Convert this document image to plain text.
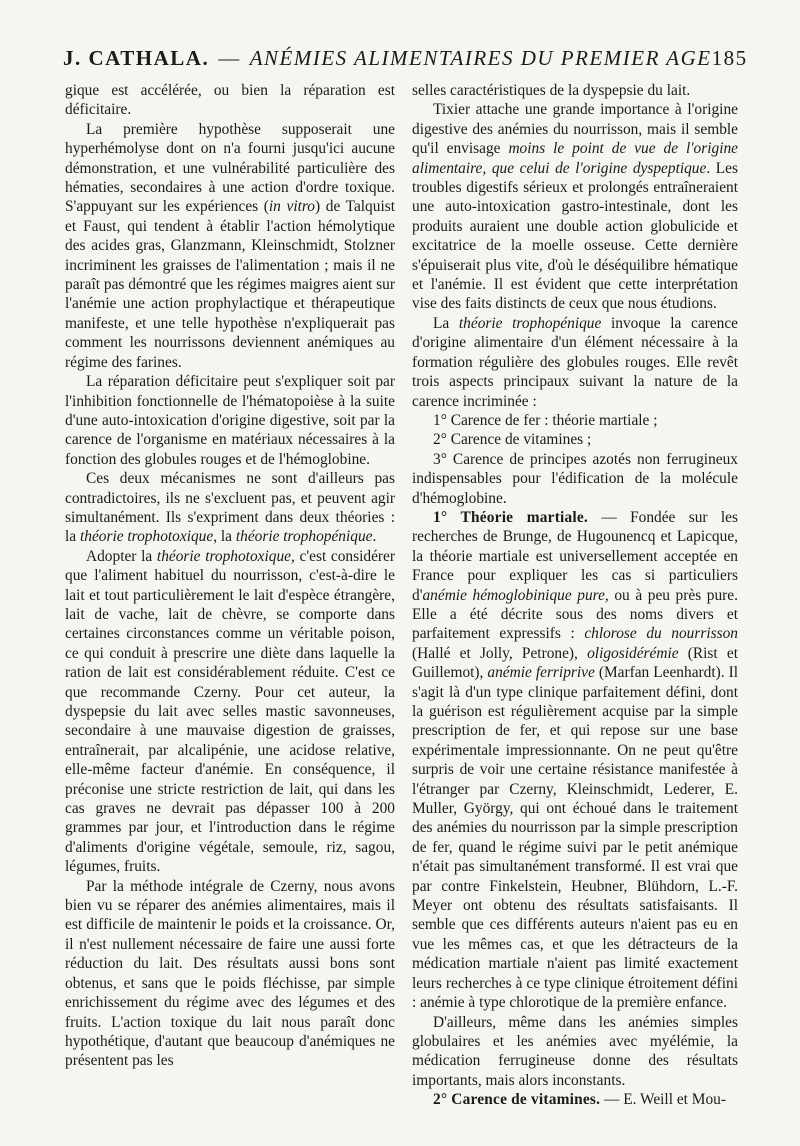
J. CATHALA. — ANÉMIES ALIMENTAIRES DU PREMIER AGE 185

gique est accélérée, ou bien la réparation est déficitaire.

La première hypothèse supposerait une hyperhémolyse dont on n'a fourni jusqu'ici aucune démonstration, et une vulnérabilité particulière des hématies, secondaires à une action d'ordre toxique. S'appuyant sur les expériences (in vitro) de Talquist et Faust, qui tendent à établir l'action hémolytique des acides gras, Glanzmann, Kleinschmidt, Stolzner incriminent les graisses de l'alimentation ; mais il ne paraît pas démontré que les régimes maigres aient sur l'anémie une action prophylactique et thérapeutique manifeste, et une telle hypothèse n'expliquerait pas comment les nourrissons deviennent anémiques au régime des farines.

La réparation déficitaire peut s'expliquer soit par l'inhibition fonctionnelle de l'hématopoièse à la suite d'une auto-intoxication d'origine digestive, soit par la carence de l'organisme en matériaux nécessaires à la fonction des globules rouges et de l'hémoglobine.

Ces deux mécanismes ne sont d'ailleurs pas contradictoires, ils ne s'excluent pas, et peuvent agir simultanément. Ils s'expriment dans deux théories : la théorie trophotoxique, la théorie trophopénique.

Adopter la théorie trophotoxique, c'est considérer que l'aliment habituel du nourrisson, c'est-à-dire le lait et tout particulièrement le lait d'espèce étrangère, lait de vache, lait de chèvre, se comporte dans certaines circonstances comme un véritable poison, ce qui conduit à prescrire une diète dans laquelle la ration de lait est considérablement réduite. C'est ce que recommande Czerny. Pour cet auteur, la dyspepsie du lait avec selles mastic savonneuses, secondaire à une mauvaise digestion de graisses, entraînerait, par alcalipénie, une acidose relative, elle-même facteur d'anémie. En conséquence, il préconise une stricte restriction de lait, qui dans les cas graves ne devrait pas dépasser 100 à 200 grammes par jour, et l'introduction dans le régime d'aliments d'origine végétale, semoule, riz, sagou, légumes, fruits.

Par la méthode intégrale de Czerny, nous avons bien vu se réparer des anémies alimentaires, mais il est difficile de maintenir le poids et la croissance. Or, il n'est nullement nécessaire de faire une aussi forte réduction du lait. Des résultats aussi bons sont obtenus, et sans que le poids fléchisse, par simple enrichissement du régime avec des légumes et des fruits. L'action toxique du lait nous paraît donc hypothétique, d'autant que beaucoup d'anémiques ne présentent pas les

selles caractéristiques de la dyspepsie du lait.

Tixier attache une grande importance à l'origine digestive des anémies du nourrisson, mais il semble qu'il envisage moins le point de vue de l'origine alimentaire, que celui de l'origine dyspeptique. Les troubles digestifs sérieux et prolongés entraîneraient une auto-intoxication gastro-intestinale, dont les produits auraient une double action globulicide et excitatrice de la moelle osseuse. Cette dernière s'épuiserait plus vite, d'où le déséquilibre hématique et l'anémie. Il est évident que cette interprétation vise des faits distincts de ceux que nous étudions.

La théorie trophopénique invoque la carence d'origine alimentaire d'un élément nécessaire à la formation régulière des globules rouges. Elle revêt trois aspects principaux suivant la nature de la carence incriminée :

1° Carence de fer : théorie martiale ;

2° Carence de vitamines ;

3° Carence de principes azotés non ferrugineux indispensables pour l'édification de la molécule d'hémoglobine.

1° Théorie martiale. — Fondée sur les recherches de Brunge, de Hugounencq et Lapicque, la théorie martiale est universellement acceptée en France pour expliquer les cas si particuliers d'anémie hémoglobinique pure, ou à peu près pure. Elle a été décrite sous des noms divers et parfaitement expressifs : chlorose du nourrisson (Hallé et Jolly, Petrone), oligosidérémie (Rist et Guillemot), anémie ferriprive (Marfan Leenhardt). Il s'agit là d'un type clinique parfaitement défini, dont la guérison est régulièrement acquise par la simple prescription de fer, et qui repose sur une base expérimentale impressionnante. On ne peut qu'être surpris de voir une certaine résistance manifestée à l'étranger par Czerny, Kleinschmidt, Lederer, E. Muller, György, qui ont échoué dans le traitement des anémies du nourrisson par la simple prescription de fer, quand le régime suivi par le petit anémique n'était pas simultanément transformé. Il est vrai que par contre Finkelstein, Heubner, Blühdorn, L.-F. Meyer ont obtenu des résultats satisfaisants. Il semble que ces différents auteurs n'aient pas eu en vue les mêmes cas, et que les détracteurs de la médication martiale n'aient pas limité exactement leurs recherches à ce type clinique étroitement défini : anémie à type chlorotique de la première enfance.

D'ailleurs, même dans les anémies simples globulaires et les anémies avec myélémie, la médication ferrugineuse donne des résultats importants, mais alors inconstants.

2° Carence de vitamines. — E. Weill et Mou-
